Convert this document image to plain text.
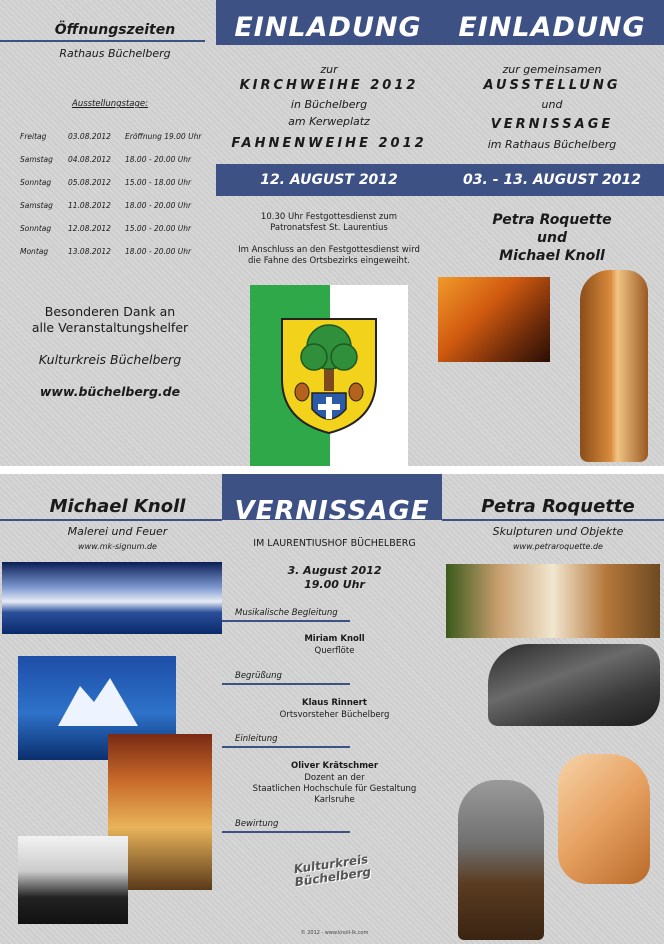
Öffnungszeiten
Rathaus Büchelberg
Ausstellungstage:
Freitag	03.08.2012	Eröffnung 19.00 Uhr
Samstag	04.08.2012	18.00 - 20.00 Uhr
Sonntag	05.08.2012	15.00 - 18.00 Uhr
Samstag	11.08.2012	18.00 - 20.00 Uhr
Sonntag	12.08.2012	15.00 - 20.00 Uhr
Montag	13.08.2012	18.00 - 20.00 Uhr
Besonderen Dank an
alle Veranstaltungshelfer
Kulturkreis Büchelberg
www.büchelberg.de
EINLADUNG	EINLADUNG
zur
KIRCHWEIHE 2012
in Büchelberg
am Kerweplatz
FAHNENWEIHE 2012
12. AUGUST 2012	03. - 13. AUGUST 2012
10.30 Uhr Festgottesdienst zum
Patronatsfest St. Laurentius
Im Anschluss an den Festgottesdienst wird
die Fahne des Ortsbezirks eingeweiht.
zur gemeinsamen
AUSSTELLUNG
und
VERNISSAGE
im Rathaus Büchelberg
Petra Roquette
und
Michael Knoll
VERNISSAGE
Michael Knoll
Malerei und Feuer
www.mk-signum.de	IM LAURENTIUSHOF BÜCHELBERG
3. August 2012
19.00 Uhr
Musikalische Begleitung
Miriam Knoll
Querflöte
Begrüßung
Klaus Rinnert
Ortsvorsteher Büchelberg
Einleitung
Oliver Krätschmer
Dozent an der
Staatlichen Hochschule für Gestaltung
Karlsruhe
Bewirtung
Kulturkreis Büchelberg
© 2012 · www.knoll-lk.com
Petra Roquette
Skulpturen und Objekte
www.petraroquette.de
